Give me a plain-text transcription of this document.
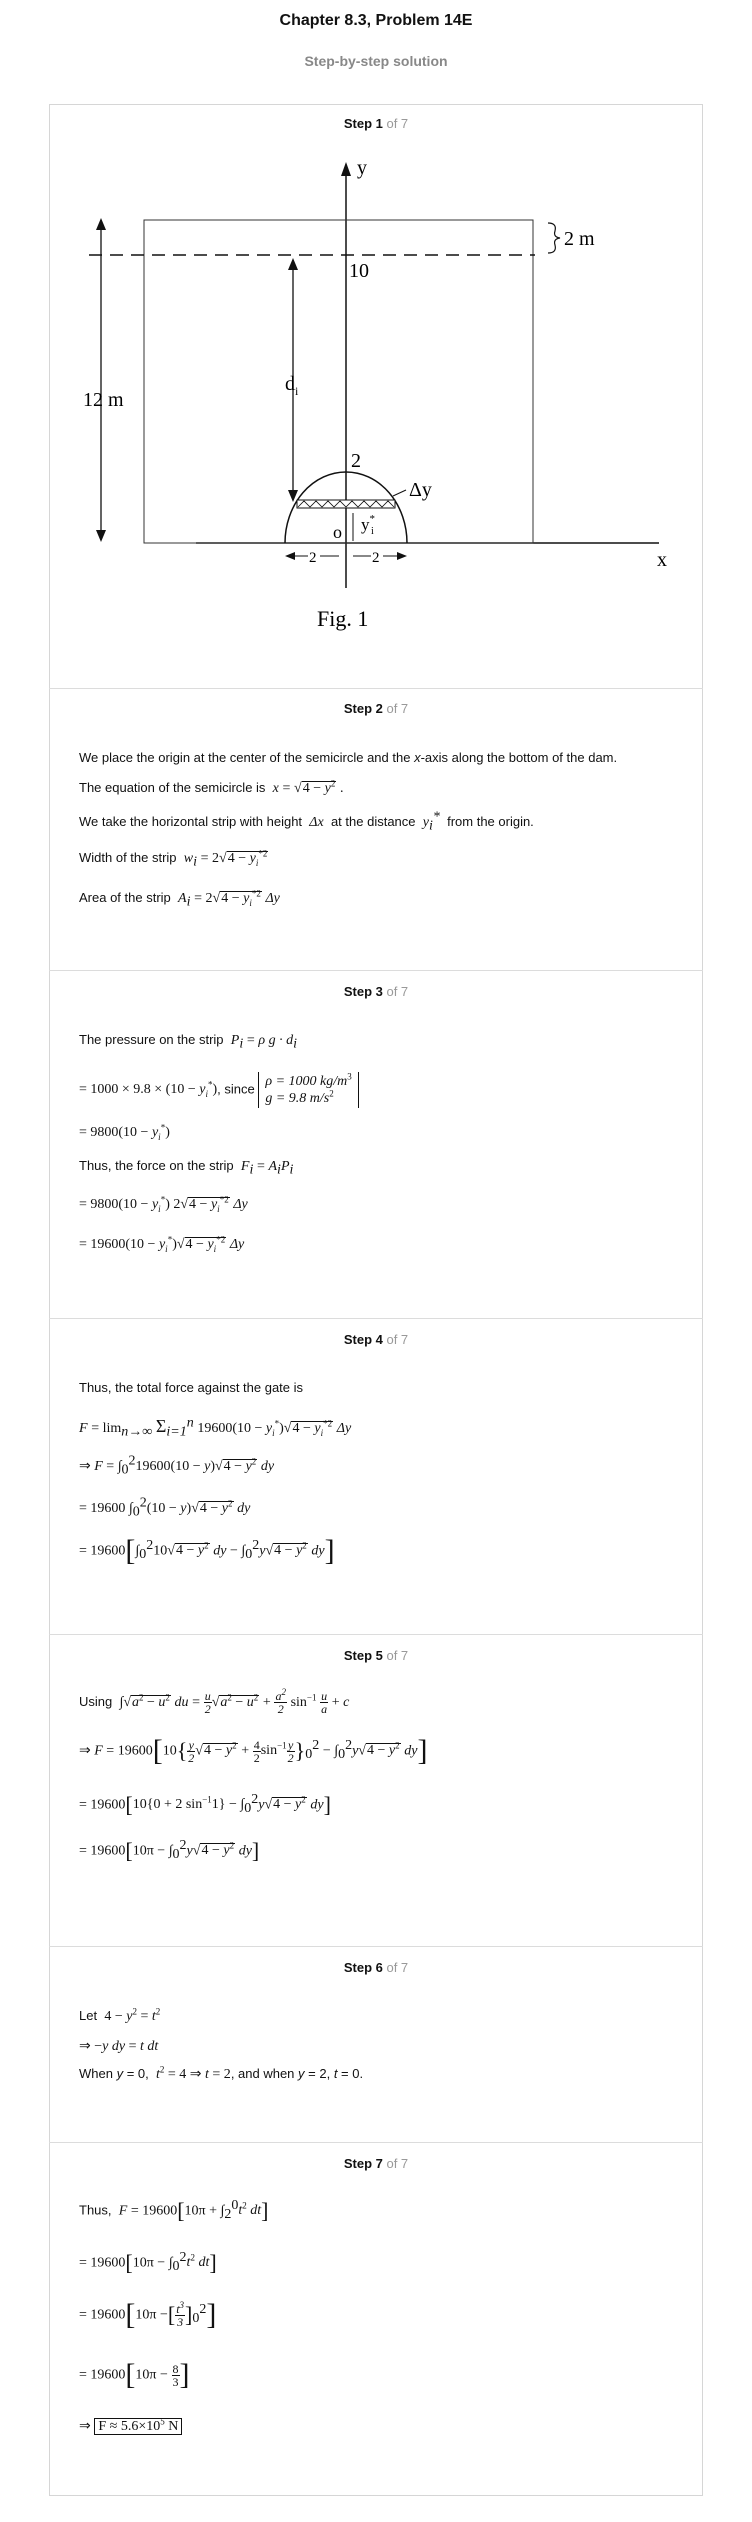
Chapter 8.3, Problem 14E
Step-by-step solution
Step 1 of 7
y
x
2 m
12 m
10
$d_i$
2
Δy
o y* i
2	2
Fig. 1
Step 2 of 7
We place the origin at the center of the semicircle and the x-axis along the bottom of the dam.
The equation of the semicircle is $x = √4 - y^2$ .
We take the horizontal strip with height Δx at the distance $y_i^*$ from the origin.
Width of the strip $w_i = 2√4 - y_i^{*2}$
Area of the strip $A_i = 2√4 - y_i^{*2}$ Δy
Step 3 of 7
The pressure on the strip $P_i = \rho$ $g \cdot d_i$
= $1000 \times 9.8 \times (10 - y_i^*)$, since ρ = 1000 $kg/m^3$
g = 9.8 $m/s^2$
= $9800(10 - y_i^*)$
Thus, the force on the strip $F_i = A_iP_i$
= $9800(10 - y_i^*)$ $2√4 - y_i^{*2}$ Δy
= $19600(10 - y_i^*)√4 - y_i^{*2}$ Δy
Step 4 of 7
Thus, the total force against the gate is
$F = \lim_{n\to\infty} \Sigma_{i=1}^n$ $19600(10 - y_i^*)√4 - y_i^{*2}$ Δy
⇒ $F = \int_0^219600(10 - y)√4 - y^2$ dy
= 19600 $\int_0^2(10 - y)√4 - y^2$ dy
= $19600[\int_0^210√4 - y^2$ dy − $\int_0^2y√4 - y^2$ dy]
Step 5 of 7
Using $\int√a^2 - u^2$ du = $\frac{u}{2} √a^2 - u^2 + \frac{a^2}{2} \sin^{-1} \frac{u}{a} + c$
⇒ $F = 19600[10\{ \frac{y}{2} √4 - y^2 + \frac{4}{2} \sin^{-1} \frac{y}{2} \}_0^2 - \int_0^2y√4 - y^2$ dy]
= 19600[10{0 + 2 $\sin^{-1}1\} - \int_0^2y√4 - y^2$ dy]
= $19600[10\pi - \int_0^2y√4 - y^2$ dy]
Step 6 of 7
Let $4 - y^2 = t^2$
⇒ −y dy = t dt
When y = 0, $t^2 = 4$ ⇒ t = 2, and when y = 2, t = 0.
Step 7 of 7
Thus, $F = 19600[10\pi + \int_2^0t^2$ dt]
= $19600[10\pi - \int_0^2t^2$ dt]
= 19600[10π −[ $\frac{t^3}{3} ]_0^2$]
= $19600[10\pi - \frac{8}{3}$ ]
⇒ $F \approx 5.6\times 10^5$ N
